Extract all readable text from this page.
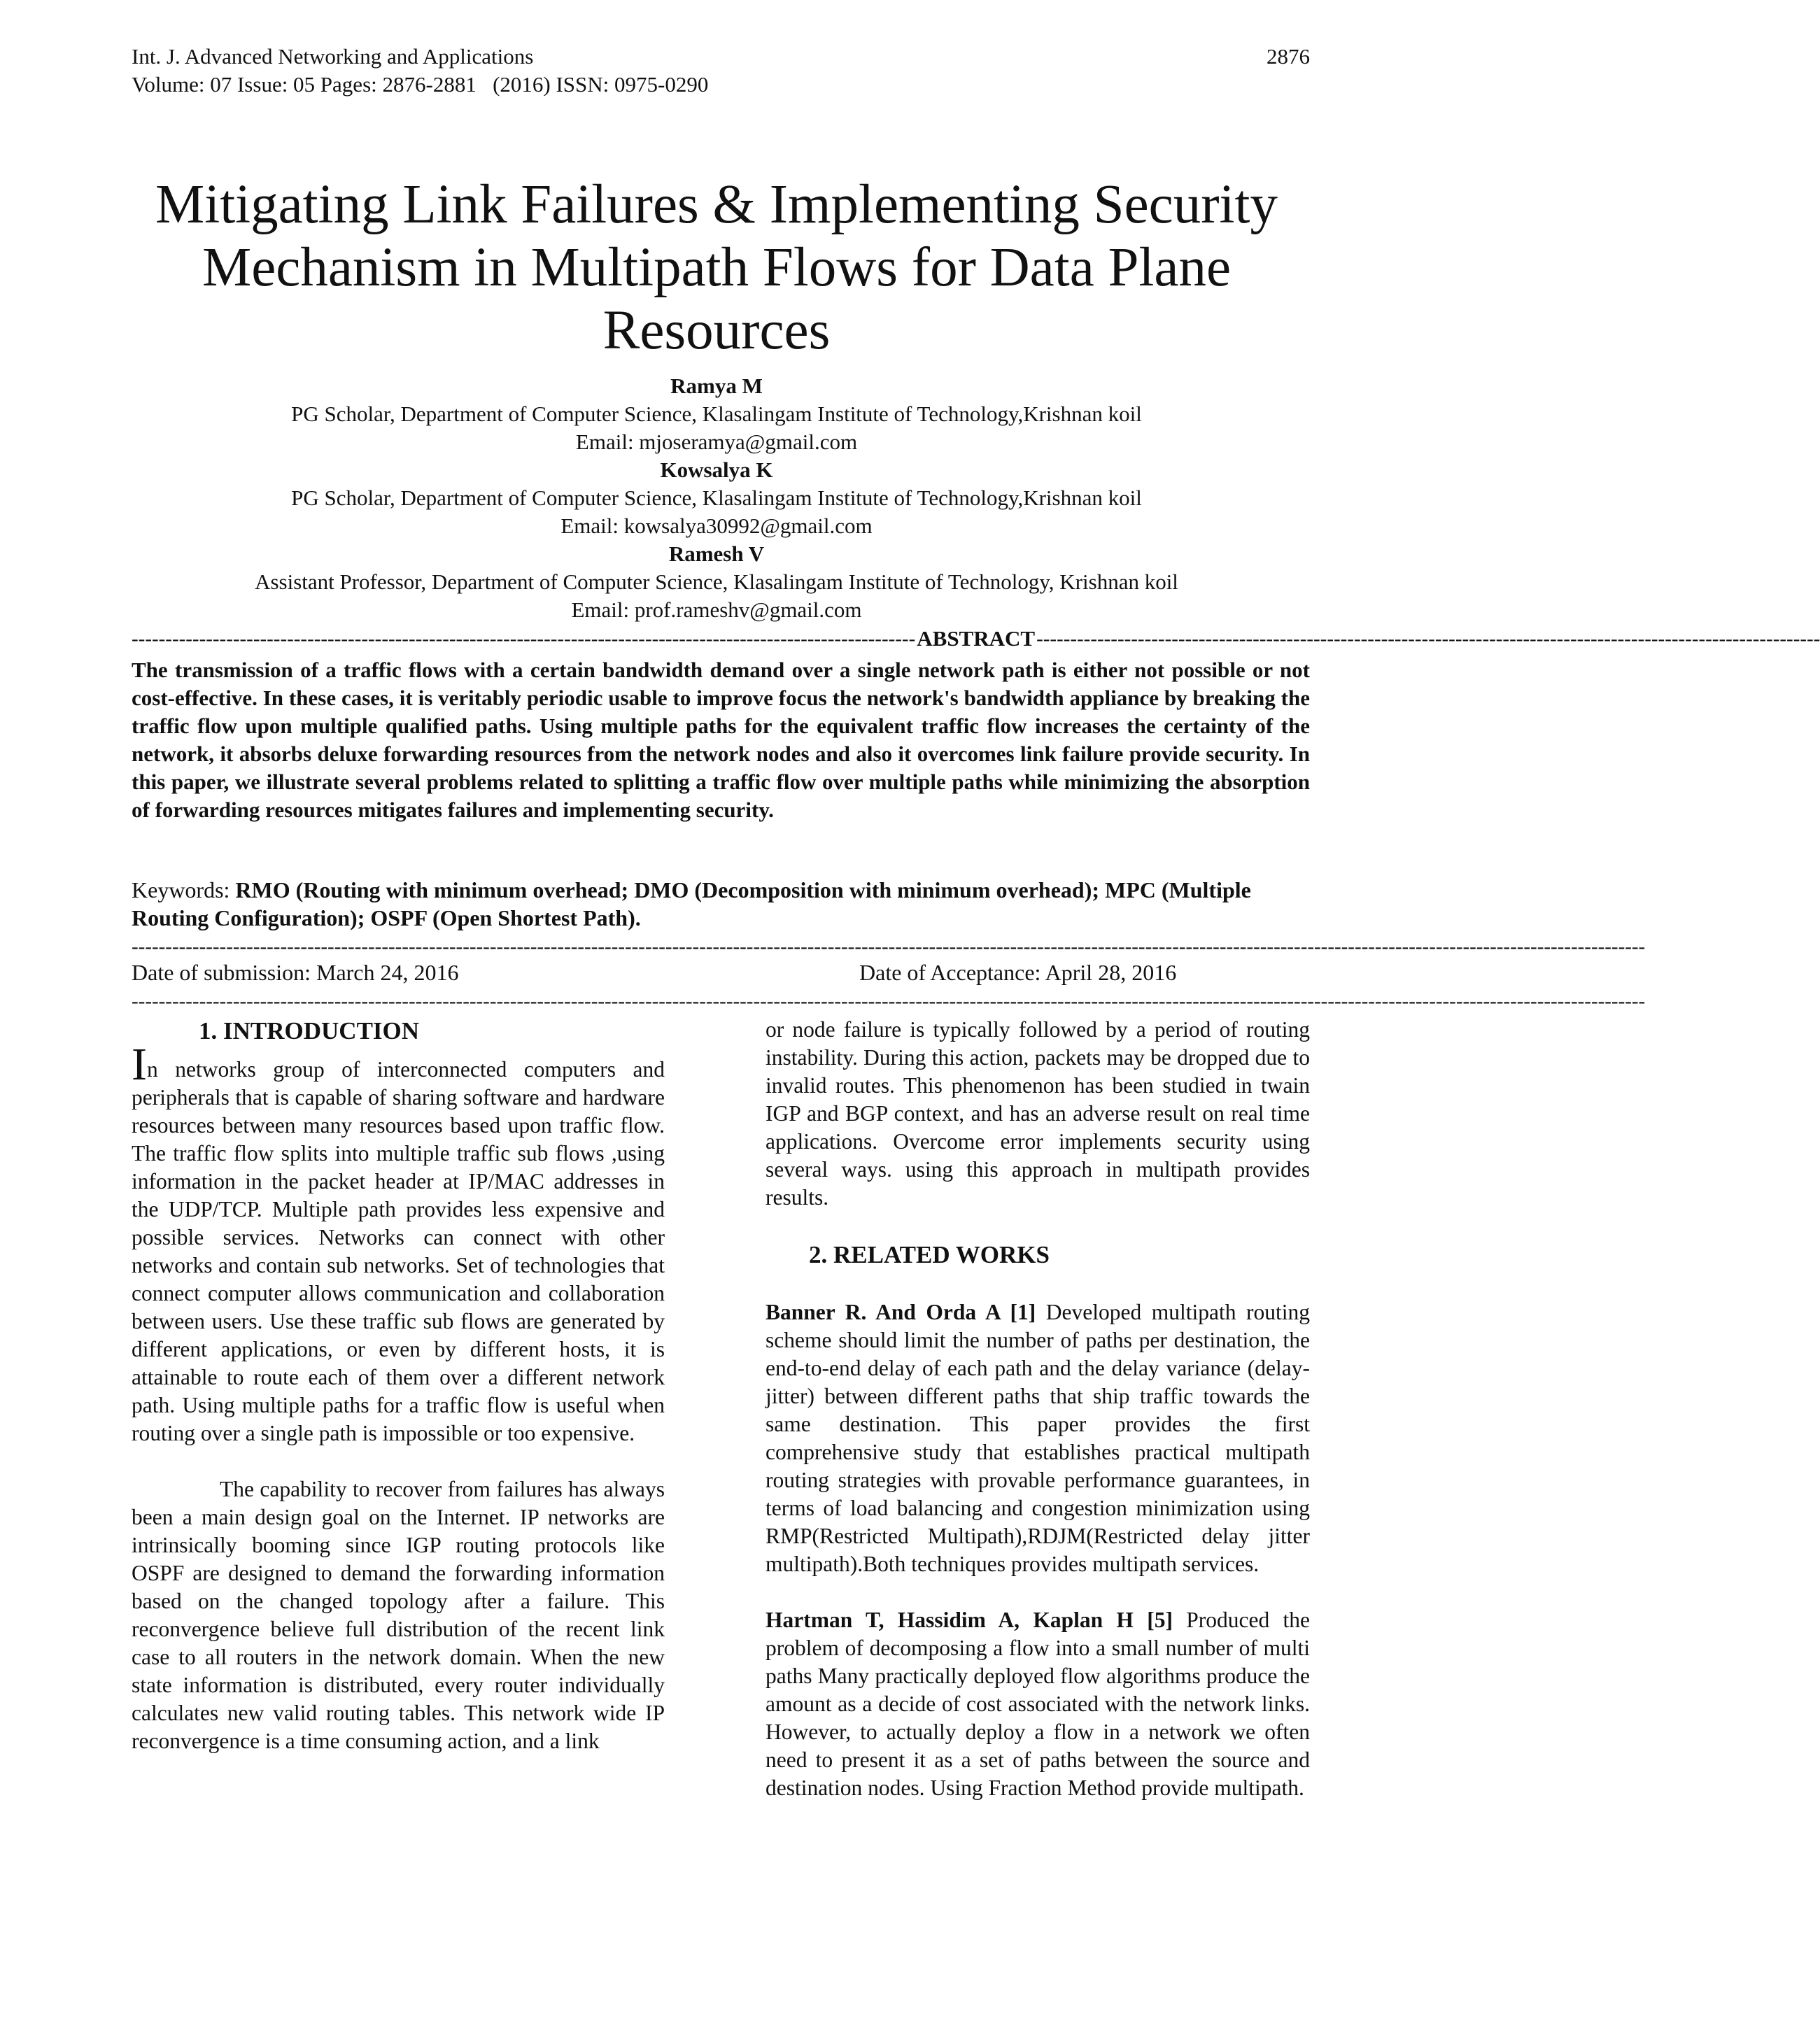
Int. J. Advanced Networking and Applications	2876
Volume: 07 Issue: 05 Pages: 2876-2881   (2016) ISSN: 0975-0290
Mitigating Link Failures & Implementing Security
Mechanism in Multipath Flows for Data Plane
Resources
Ramya M
PG Scholar, Department of Computer Science, Klasalingam Institute of Technology,Krishnan koil
Email: mjoseramya@gmail.com
Kowsalya K
PG Scholar, Department of Computer Science, Klasalingam Institute of Technology,Krishnan koil
Email: kowsalya30992@gmail.com
Ramesh V
Assistant Professor, Department of Computer Science, Klasalingam Institute of Technology, Krishnan koil
Email: prof.rameshv@gmail.com
-------------------------------------------------------------------------------------------------------------------- ABSTRACT --------------------------------------------------------------------------------------------------------------------
The transmission of a traffic flows with a certain bandwidth demand over a single network path is either not possible or not cost-effective. In these cases, it is veritably periodic usable to improve focus the network's bandwidth appliance by breaking the traffic flow upon multiple qualified paths. Using multiple paths for the equivalent traffic flow increases the certainty of the network, it absorbs deluxe forwarding resources from the network nodes and also it overcomes link failure provide security. In this paper, we illustrate several problems related to splitting a traffic flow over multiple paths while minimizing the absorption of forwarding resources mitigates failures and implementing security.
Keywords: RMO (Routing with minimum overhead; DMO (Decomposition with minimum overhead); MPC (Multiple Routing Configuration); OSPF (Open Shortest Path).
--------------------------------------------------------------------------------------------------------------------------------------------------------------------------------------------------------------------------------
Date of submission: March 24, 2016	Date of Acceptance: April 28, 2016
--------------------------------------------------------------------------------------------------------------------------------------------------------------------------------------------------------------------------------
1. INTRODUCTION

In networks group of interconnected computers and peripherals that is capable of sharing software and hardware resources between many resources based upon traffic flow. The traffic flow splits into multiple traffic sub flows ,using information in the packet header at IP/MAC addresses in the UDP/TCP. Multiple path provides less expensive and possible services. Networks can connect with other networks and contain sub networks. Set of technologies that connect computer allows communication and collaboration between users. Use these traffic sub flows are generated by different applications, or even by different hosts, it is attainable to route each of them over a different network path. Using multiple paths for a traffic flow is useful when routing over a single path is impossible or too expensive.

The capability to recover from failures has always been a main design goal on the Internet. IP networks are intrinsically booming since IGP routing protocols like OSPF are designed to demand the forwarding information based on the changed topology after a failure. This reconvergence believe full distribution of the recent link case to all routers in the network domain. When the new state information is distributed, every router individually calculates new valid routing tables. This network wide IP reconvergence is a time consuming action, and a link

or node failure is typically followed by a period of routing instability. During this action, packets may be dropped due to invalid routes. This phenomenon has been studied in twain IGP and BGP context, and has an adverse result on real time applications. Overcome error implements security using several ways. using this approach in multipath provides results.

2. RELATED WORKS

Banner R. And Orda A [1] Developed multipath routing scheme should limit the number of paths per destination, the end-to-end delay of each path and the delay variance (delay-jitter) between different paths that ship traffic towards the same destination. This paper provides the first comprehensive study that establishes practical multipath routing strategies with provable performance guarantees, in terms of load balancing and congestion minimization using RMP(Restricted Multipath),RDJM(Restricted delay jitter multipath).Both techniques provides multipath services.

Hartman T, Hassidim A, Kaplan H [5] Produced the problem of decomposing a flow into a small number of multi paths Many practically deployed flow algorithms produce the amount as a decide of cost associated with the network links. However, to actually deploy a flow in a network we often need to present it as a set of paths between the source and destination nodes. Using Fraction Method provide multipath.
